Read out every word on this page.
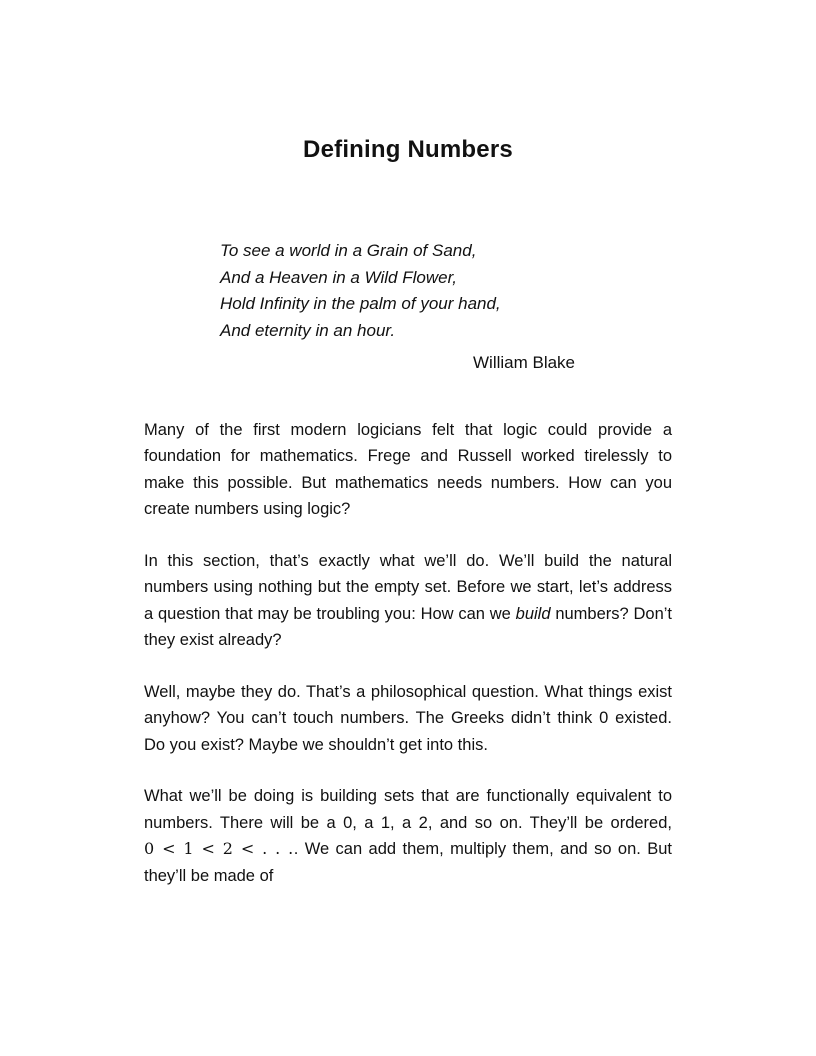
Defining Numbers
To see a world in a Grain of Sand,
And a Heaven in a Wild Flower,
Hold Infinity in the palm of your hand,
And eternity in an hour.
William Blake

Many of the first modern logicians felt that logic could provide a foundation for mathematics. Frege and Russell worked tirelessly to make this possible. But mathematics needs numbers. How can you create numbers using logic?

In this section, that’s exactly what we’ll do. We’ll build the natural numbers using nothing but the empty set. Before we start, let’s address a question that may be troubling you: How can we build numbers? Don’t they exist already?

Well, maybe they do. That’s a philosophical question. What things exist anyhow? You can’t touch numbers. The Greeks didn’t think 0 existed. Do you exist? Maybe we shouldn’t get into this.

What we’ll be doing is building sets that are functionally equivalent to numbers. There will be a 0, a 1, a 2, and so on. They’ll be ordered, 0 < 1 < 2 < . . .. We can add them, multiply them, and so on. But they’ll be made of
